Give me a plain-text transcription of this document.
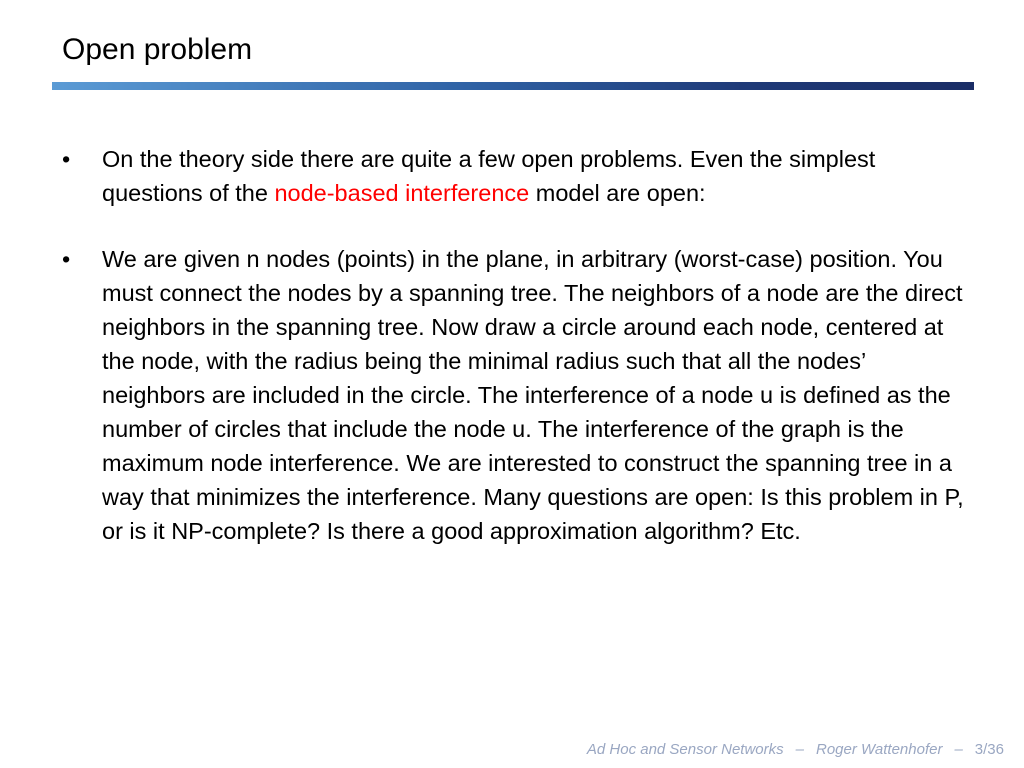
Open problem
•	On the theory side there are quite a few open problems. Even the simplest questions of the node-based interference model are open:
•	We are given n nodes (points) in the plane, in arbitrary (worst-case) position. You must connect the nodes by a spanning tree. The neighbors of a node are the direct neighbors in the spanning tree. Now draw a circle around each node, centered at the node, with the radius being the minimal radius such that all the nodes’ neighbors are included in the circle. The interference of a node u is defined as the number of circles that include the node u. The interference of the graph is the maximum node interference. We are interested to construct the spanning tree in a way that minimizes the interference. Many questions are open: Is this problem in P, or is it NP-complete? Is there a good approximation algorithm? Etc.
Ad Hoc and Sensor Networks – Roger Wattenhofer – 3/36
